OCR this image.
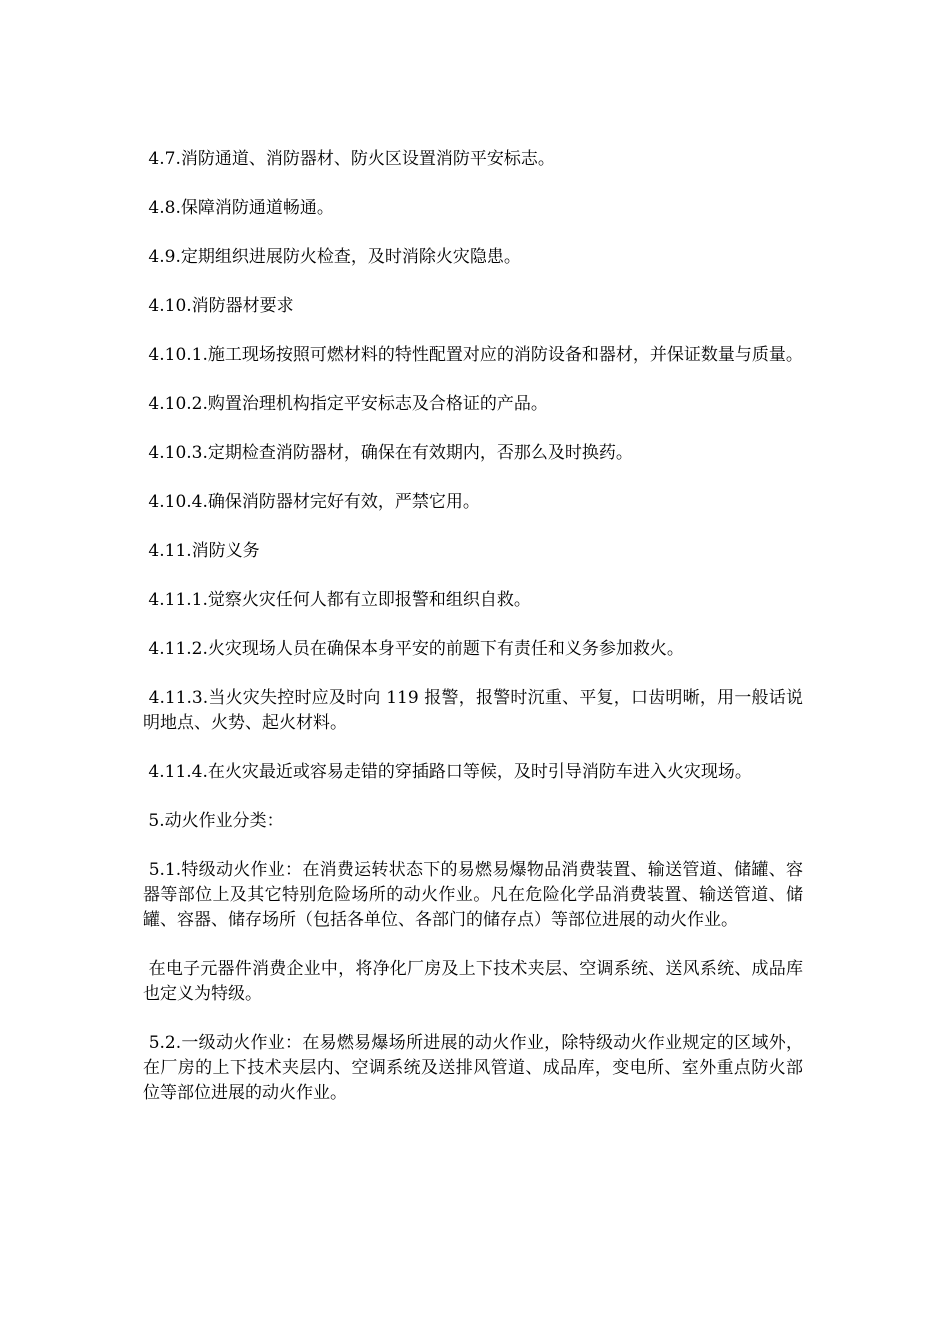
4.7.消防通道、消防器材、防火区设置消防平安标志。

4.8.保障消防通道畅通。

4.9.定期组织进展防火检查，及时消除火灾隐患。

4.10.消防器材要求

4.10.1.施工现场按照可燃材料的特性配置对应的消防设备和器材，并保证数量与质量。

4.10.2.购置治理机构指定平安标志及合格证的产品。

4.10.3.定期检查消防器材，确保在有效期内，否那么及时换药。

4.10.4.确保消防器材完好有效，严禁它用。

4.11.消防义务

4.11.1.觉察火灾任何人都有立即报警和组织自救。

4.11.2.火灾现场人员在确保本身平安的前题下有责任和义务参加救火。

4.11.3.当火灾失控时应及时向 119 报警，报警时沉重、平复，口齿明晰，用一般话说明地点、火势、起火材料。

4.11.4.在火灾最近或容易走错的穿插路口等候，及时引导消防车进入火灾现场。

5.动火作业分类：

5.1.特级动火作业：在消费运转状态下的易燃易爆物品消费装置、输送管道、储罐、容器等部位上及其它特别危险场所的动火作业。凡在危险化学品消费装置、输送管道、储罐、容器、储存场所（包括各单位、各部门的储存点）等部位进展的动火作业。

在电子元器件消费企业中，将净化厂房及上下技术夹层、空调系统、送风系统、成品库也定义为特级。

5.2.一级动火作业：在易燃易爆场所进展的动火作业，除特级动火作业规定的区域外，在厂房的上下技术夹层内、空调系统及送排风管道、成品库，变电所、室外重点防火部位等部位进展的动火作业。
